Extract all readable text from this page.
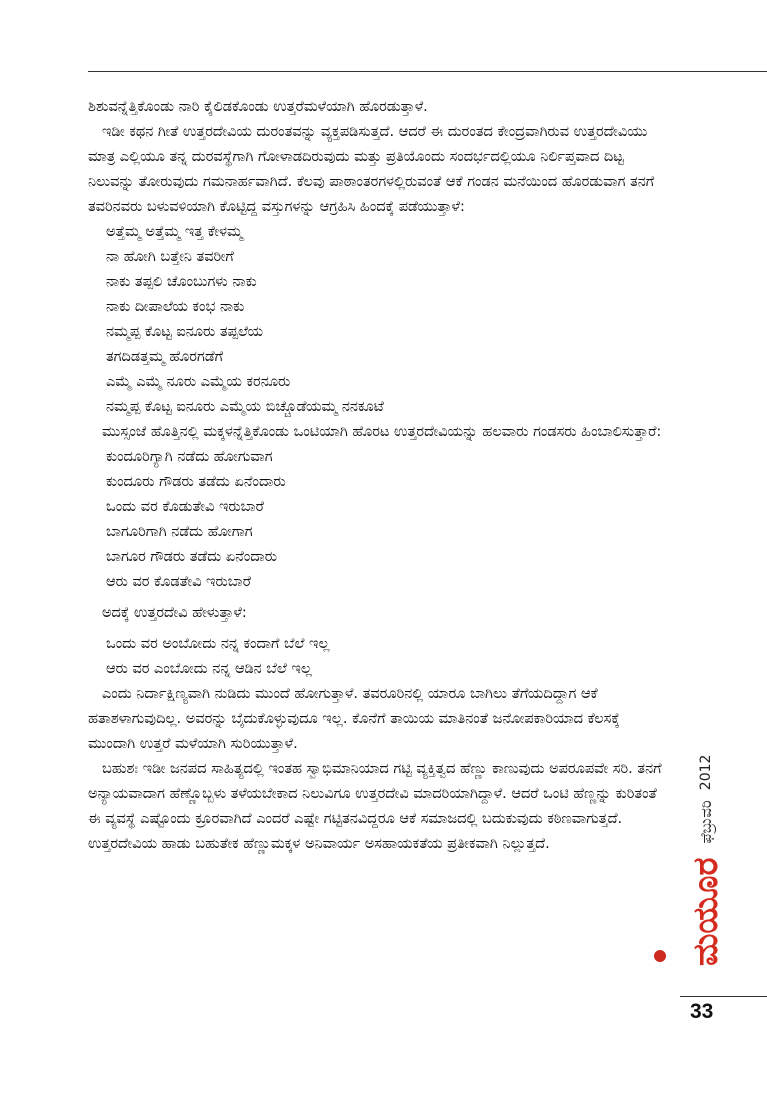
ಶಿಶುವನ್ನೆತ್ತಿಕೊಂಡು ನಾರಿ ಕೈಲಿಡಕೊಂಡು ಉತ್ತರೆಮಳೆಯಾಗಿ ಹೊರಡುತ್ತಾಳೆ.

ಇಡೀ ಕಥನ ಗೀತೆ ಉತ್ತರದೇವಿಯ ದುರಂತವನ್ನು ವ್ಯಕ್ತಪಡಿಸುತ್ತದೆ. ಆದರೆ ಈ ದುರಂತದ ಕೇಂದ್ರವಾಗಿರುವ ಉತ್ತರದೇವಿಯು ಮಾತ್ರ ಎಲ್ಲಿಯೂ ತನ್ನ ದುರವಸ್ಥೆಗಾಗಿ ಗೋಳಾಡದಿರುವುದು ಮತ್ತು ಪ್ರತಿಯೊಂದು ಸಂದರ್ಭದಲ್ಲಿಯೂ ನಿರ್ಲಿಪ್ತವಾದ ದಿಟ್ಟ ನಿಲುವನ್ನು ತೋರುವುದು ಗಮನಾರ್ಹವಾಗಿದೆ. ಕೆಲವು ಪಾಠಾಂತರಗಳಲ್ಲಿರುವಂತೆ ಆಕೆ ಗಂಡನ ಮನೆಯಿಂದ ಹೊರಡುವಾಗ ತನಗೆ ತವರಿನವರು ಬಳುವಳಿಯಾಗಿ ಕೊಟ್ಟಿದ್ದ ವಸ್ತುಗಳನ್ನು ಆಗ್ರಹಿಸಿ ಹಿಂದಕ್ಕೆ ಪಡೆಯುತ್ತಾಳೆ:

ಅತ್ತೆಮ್ಮ ಅತ್ತೆಮ್ಮ ಇತ್ತ ಕೇಳಮ್ಮ

ನಾ ಹೋಗಿ ಬತ್ತೇನಿ ತವರೀಗೆ

ನಾಕು ತಪ್ಪಲಿ ಚೊಂಬುಗಳು ನಾಕು

ನಾಕು ದೀಪಾಲೆಯ ಕಂಭ ನಾಕು

ನಮ್ಮಪ್ಪ ಕೊಟ್ಟ ಐನೂರು ತಪ್ಪಲೆಯ

ತಗದಿಡತ್ತಮ್ಮ ಹೊರಗಡೆಗೆ

ಎಮ್ಮೆ ಎಮ್ಮೆ ನೂರು ಎಮ್ಮೆಯ ಕರನೂರು

ನಮ್ಮಪ್ಪ ಕೊಟ್ಟ ಐನೂರು ಎಮ್ಮೆಯ ಬಿಚ್ಚೊಡೆಯಮ್ಮ ನನಕೂಟೆ

ಮುಸ್ಸಂಜೆ ಹೊತ್ತಿನಲ್ಲಿ ಮಕ್ಕಳನ್ನೆತ್ತಿಕೊಂಡು ಒಂಟಿಯಾಗಿ ಹೊರಟ ಉತ್ತರದೇವಿಯನ್ನು ಹಲವಾರು ಗಂಡಸರು ಹಿಂಬಾಲಿಸುತ್ತಾರೆ:

ಕುಂದೂರಿಗ್ಯಾಗಿ ನಡೆದು ಹೋಗುವಾಗ

ಕುಂದೂರು ಗೌಡರು ತಡೆದು ಏನೆಂದಾರು

ಒಂದು ವರ ಕೊಡುತೇವಿ ಇರುಬಾರೆ

ಬಾಗೂರಿಗಾಗಿ ನಡೆದು ಹೋಗಾಗ

ಬಾಗೂರ ಗೌಡರು ತಡೆದು ಏನೆಂದಾರು

ಆರು ವರ ಕೊಡತೇವಿ ಇರುಬಾರೆ

ಅದಕ್ಕೆ ಉತ್ತರದೇವಿ ಹೇಳುತ್ತಾಳೆ:

ಒಂದು ವರ ಅಂಬೋದು ನನ್ನ ಕಂದಾಗೆ ಬೆಲೆ ಇಲ್ಲ

ಆರು ವರ ಎಂಬೋದು ನನ್ನ ಆಡಿನ ಬೆಲೆ ಇಲ್ಲ

ಎಂದು ನಿರ್ದಾಕ್ಷಿಣ್ಯವಾಗಿ ನುಡಿದು ಮುಂದೆ ಹೋಗುತ್ತಾಳೆ. ತವರೂರಿನಲ್ಲಿ ಯಾರೂ ಬಾಗಿಲು ತೆಗೆಯದಿದ್ದಾಗ ಆಕೆ ಹತಾಶಳಾಗುವುದಿಲ್ಲ. ಅವರನ್ನು ಬೈದುಕೊಳ್ಳುವುದೂ ಇಲ್ಲ. ಕೊನೆಗೆ ತಾಯಿಯ ಮಾತಿನಂತೆ ಜನೋಪಕಾರಿಯಾದ ಕೆಲಸಕ್ಕೆ ಮುಂದಾಗಿ ಉತ್ತರೆ ಮಳೆಯಾಗಿ ಸುರಿಯುತ್ತಾಳೆ.

ಬಹುಶಃ ಇಡೀ ಜನಪದ ಸಾಹಿತ್ಯದಲ್ಲಿ ಇಂತಹ ಸ್ವಾಭಿಮಾನಿಯಾದ ಗಟ್ಟಿ ವ್ಯಕ್ತಿತ್ವದ ಹೆಣ್ಣು ಕಾಣುವುದು ಅಪರೂಪವೇ ಸರಿ. ತನಗೆ ಅನ್ಯಾಯವಾದಾಗ ಹೆಣ್ಣೊಬ್ಬಳು ತಳೆಯಬೇಕಾದ ನಿಲುವಿಗೂ ಉತ್ತರದೇವಿ ಮಾದರಿಯಾಗಿದ್ದಾಳೆ. ಆದರೆ ಒಂಟಿ ಹೆಣ್ಣನ್ನು ಕುರಿತಂತೆ ಈ ವ್ಯವಸ್ಥೆ ಎಷ್ಟೊಂದು ಕ್ರೂರವಾಗಿದೆ ಎಂದರೆ ಎಷ್ಟೇ ಗಟ್ಟಿತನವಿದ್ದರೂ ಆಕೆ ಸಮಾಜದಲ್ಲಿ ಬದುಕುವುದು ಕಠಿಣವಾಗುತ್ತದೆ. ಉತ್ತರದೇವಿಯ ಹಾಡು ಬಹುತೇಕ ಹೆಣ್ಣುಮಕ್ಕಳ ಅನಿವಾರ್ಯ ಅಸಹಾಯಕತೆಯ ಪ್ರತೀಕವಾಗಿ ನಿಲ್ಲುತ್ತದೆ.

ಮಯೂರ
ಫೆಬ್ರುವರಿ
2012
33
